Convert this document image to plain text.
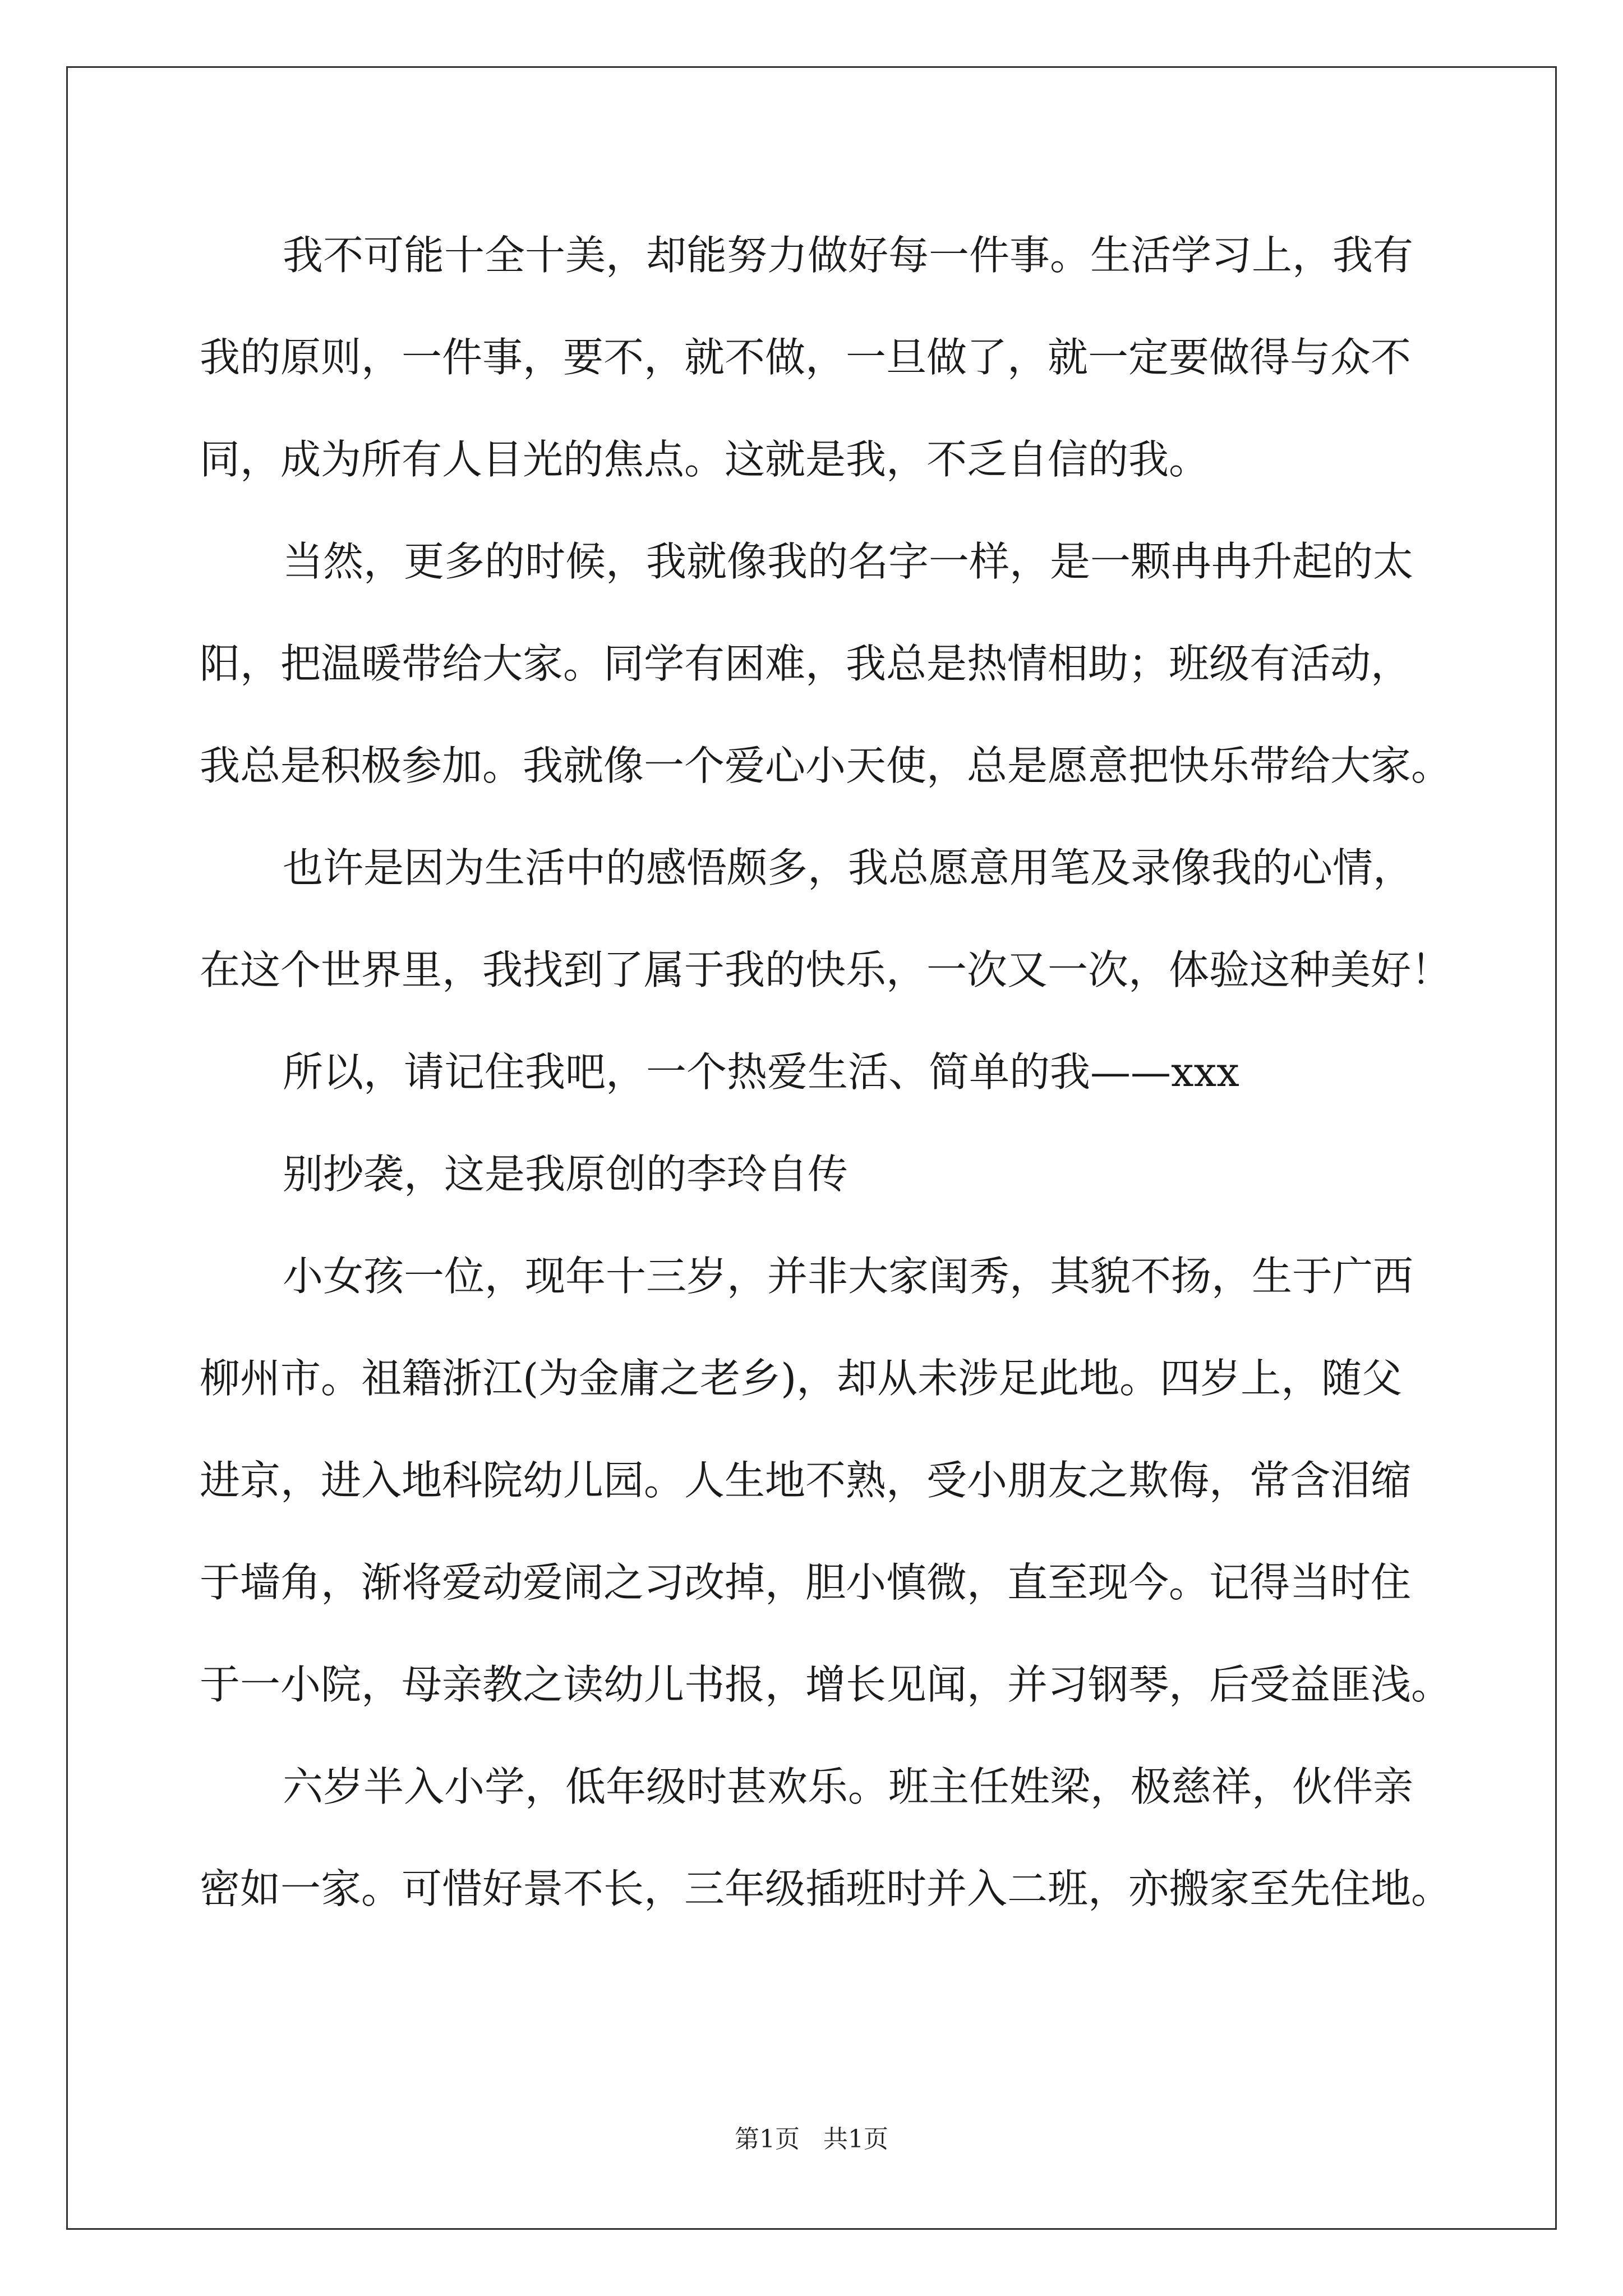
我不可能十全十美，却能努力做好每一件事。生活学习上，我有
我的原则，一件事，要不，就不做，一旦做了，就一定要做得与众不
同，成为所有人目光的焦点。这就是我，不乏自信的我。
当然，更多的时候，我就像我的名字一样，是一颗冉冉升起的太
阳，把温暖带给大家。同学有困难，我总是热情相助；班级有活动，
我总是积极参加。我就像一个爱心小天使，总是愿意把快乐带给大家。
也许是因为生活中的感悟颇多，我总愿意用笔及录像我的心情，
在这个世界里，我找到了属于我的快乐，一次又一次，体验这种美好！
所以，请记住我吧，一个热爱生活、简单的我——xxx
别抄袭，这是我原创的李玲自传
小女孩一位，现年十三岁，并非大家闺秀，其貌不扬，生于广西
柳州市。祖籍浙江(为金庸之老乡)，却从未涉足此地。四岁上，随父
进京，进入地科院幼儿园。人生地不熟，受小朋友之欺侮，常含泪缩
于墙角，渐将爱动爱闹之习改掉，胆小慎微，直至现今。记得当时住
于一小院，母亲教之读幼儿书报，增长见闻，并习钢琴，后受益匪浅。
六岁半入小学，低年级时甚欢乐。班主任姓梁，极慈祥，伙伴亲
密如一家。可惜好景不长，三年级插班时并入二班，亦搬家至先住地。
第1页   共1页
